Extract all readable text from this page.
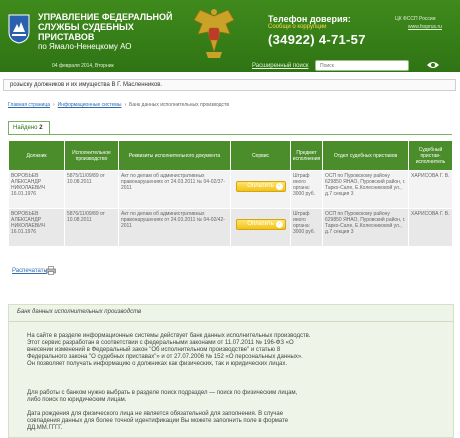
УПРАВЛЕНИЕ ФЕДЕРАЛЬНОЙ СЛУЖБЫ СУДЕБНЫХ ПРИСТАВОВ
по Ямало-Ненецкому АО
Телефон доверия:
Сообщи о коррупции
(34922) 4-71-57
ЦК ФССП России
www.fssprus.ru
04 февраля 2014, Вторник	Расширенный поиск
Поиск
розыску должников и их имущества В Г. Масленников.
Главная страница › Информационные системы › Банк данных исполнительных производств
Найдено 2
Должник	Исполнительное производство	Реквизиты исполнительного документа	Сервис	Предмет исполнения	Отдел судебных приставов	Судебный пристав-исполнитель
ВОРОБЬЕВ АЛЕКСАНДР НИКОЛАЕВИЧ 16.01.1976	5875/11/09/89 от 10.08.2011	Акт по делам об административных правонарушениях от 24.03.2011 № 04-02/37-2011	Оплатить ›	Штраф иного органа: 3000 руб.	ОСП по Пуровскому району 629850 ЯНАО, Пуровский район, г. Тарко-Сале, Е.Колесниковой ул., д.7 секция 3	ХАРИСОВА Г. В.
ВОРОБЬЕВ АЛЕКСАНДР НИКОЛАЕВИЧ 16.01.1976	5876/11/09/89 от 10.08.2011	Акт по делам об административных правонарушениях от 24.03.2011 № 04-02/42-2011	Оплатить ›	Штраф иного органа: 3000 руб.	ОСП по Пуровскому району 629850 ЯНАО, Пуровский район, г. Тарко-Сале, Е.Колесниковой ул., д.7 секция 3	ХАРИСОВА Г. В.
Распечатать
Банк данных исполнительных производств
На сайте в разделе информационные системы действует банк данных исполнительных производств. Этот сервис разработан в соответствии с федеральными законами от 11.07.2011 № 196-ФЗ «О внесении изменений в Федеральный закон "Об исполнительном производстве" и статью 8 Федерального закона "О судебных приставах"» и от 27.07.2006 № 152 «О персональных данных». Он позволяет получать информацию о должниках как физических, так и юридических лицах.
Для работы с банком нужно выбрать в разделе поиск подраздел — поиск по физическим лицам, либо поиск по юридическим лицам.
Дата рождения для физического лица не является обязательной для заполнения. В случае совпадения данных для более точной идентификации Вы можете заполнить поле в формате ДД.ММ.ГГГГ.
